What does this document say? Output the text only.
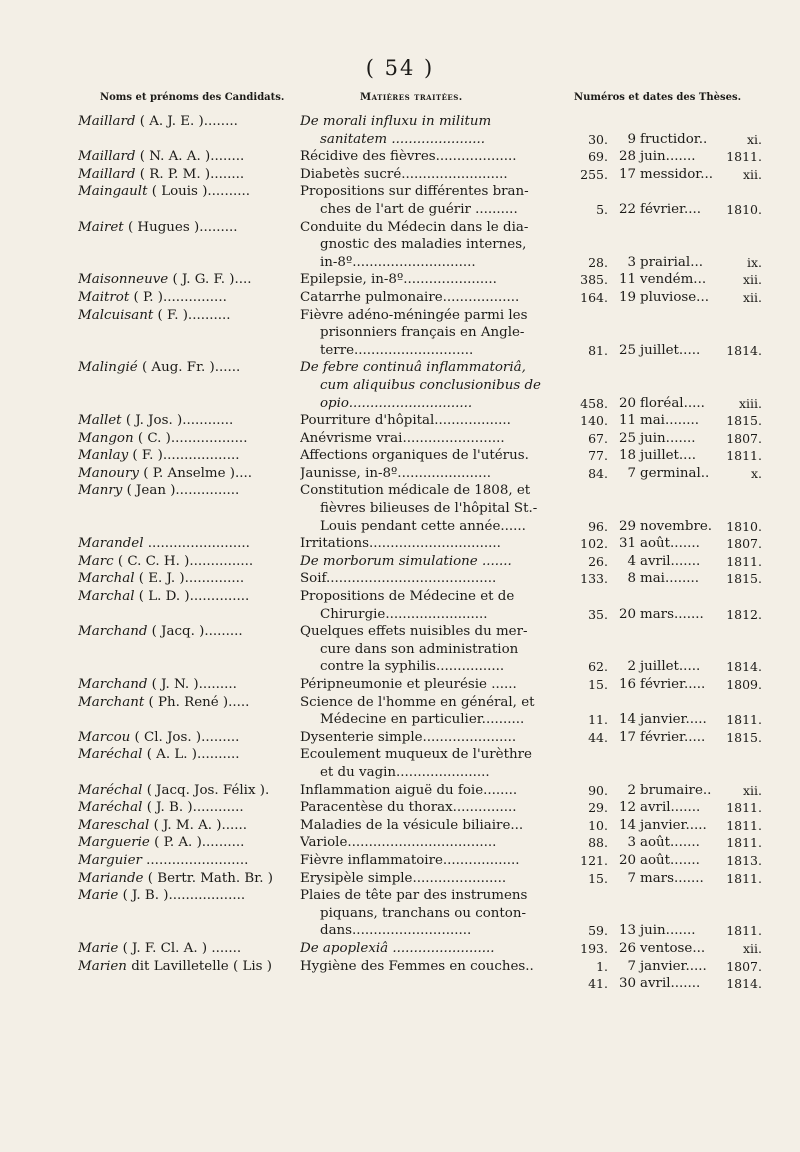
( 54 )
Noms et prénoms des Candidats.	Matières traitées.	Numéros et dates des Thèses.
Maillard ( A. J. E. )........	De morali influxu in militum
sanitatem ......................	30.	9 fructidor..	xi.
Maillard ( N. A. A. )........	Récidive des fièvres...................	69. 28 juin....... 1811.
Maillard ( R. P. M. )........	Diabetès sucré.........................	255. 17 messidor... xii.
Maingault ( Louis )..........	Propositions sur différentes bran-
ches de l'art de guérir ..........	5. 22 février.... 1810.
Mairet ( Hugues ).........	Conduite du Médecin dans le dia-
gnostic des maladies internes,
in-8º.............................	28.	3 prairial...	ix.
Maisonneuve ( J. G. F. )....	Epilepsie, in-8º......................	385. 11 vendém...	xii.
Maitrot ( P. )...............	Catarrhe pulmonaire..................	164. 19 pluviose...	xii.
Malcuisant ( F. )..........	Fièvre adéno-méningée parmi les
prisonniers français en Angle-
terre............................	81. 25 juillet..... 1814.
Malingié ( Aug. Fr. )......	De febre continuâ inflammatoriâ,
cum aliquibus conclusionibus de
opio.............................	458. 20 floréal.....	xiii.
Mallet ( J. Jos. )............	Pourriture d'hôpital..................	140. 11 mai........ 1815.
Mangon ( C. )..................	Anévrisme vrai........................	67. 25 juin....... 1807.
Manlay ( F. )..................	Affections organiques de l'utérus.	77. 18 juillet.... 1811.
Manoury ( P. Anselme )....	Jaunisse, in-8º......................	84.	7 germinal..	x.
Manry ( Jean )...............	Constitution médicale de 1808, et
fièvres bilieuses de l'hôpital St.-
Louis pendant cette année......	96. 29 novembre. 1810.
Marandel ........................	Irritations...............................	102. 31 août....... 1807.
Marc ( C. C. H. )...............	De morborum simulatione .......	26.	4 avril....... 1811.
Marchal ( E. J. )..............	Soif........................................	133.	8 mai........ 1815.
Marchal ( L. D. )..............	Propositions de Médecine et de
Chirurgie........................	35. 20 mars....... 1812.
Marchand ( Jacq. ).........	Quelques effets nuisibles du mer-
cure dans son administration
contre la syphilis................	62.	2 juillet..... 1814.
Marchand ( J. N. ).........	Péripneumonie et pleurésie ......	15. 16 février..... 1809.
Marchant ( Ph. René ).....	Science de l'homme en général, et
Médecine en particulier..........	11. 14 janvier..... 1811.
Marcou ( Cl. Jos. ).........	Dysenterie simple......................	44. 17 février..... 1815.
Maréchal ( A. L. )..........	Ecoulement muqueux de l'urèthre
et du vagin......................
Maréchal ( Jacq. Jos. Félix ).	Inflammation aiguë du foie........	90.	2 brumaire..	xii.
Maréchal ( J. B. )............	Paracentèse du thorax...............	29. 12 avril....... 1811.
Mareschal ( J. M. A. )......	Maladies de la vésicule biliaire...	10. 14 janvier..... 1811.
Marguerie ( P. A. )..........	Variole...................................	88.	3 août....... 1811.
Marguier ........................	Fièvre inflammatoire..................	121. 20 août....... 1813.
Mariande ( Bertr. Math. Br. )	Erysipèle simple......................	15.	7 mars....... 1811.
Marie ( J. B. )..................	Plaies de tête par des instrumens
piquans, tranchans ou conton-
dans............................	59. 13 juin....... 1811.
Marie ( J. F. Cl. A. ) .......	De apoplexiâ ........................	193. 26 ventose...	xii.
Marien dit Lavilletelle ( Lis )	Hygiène des Femmes en couches..	1.	7 janvier..... 1807.

41. 30 avril....... 1814.
